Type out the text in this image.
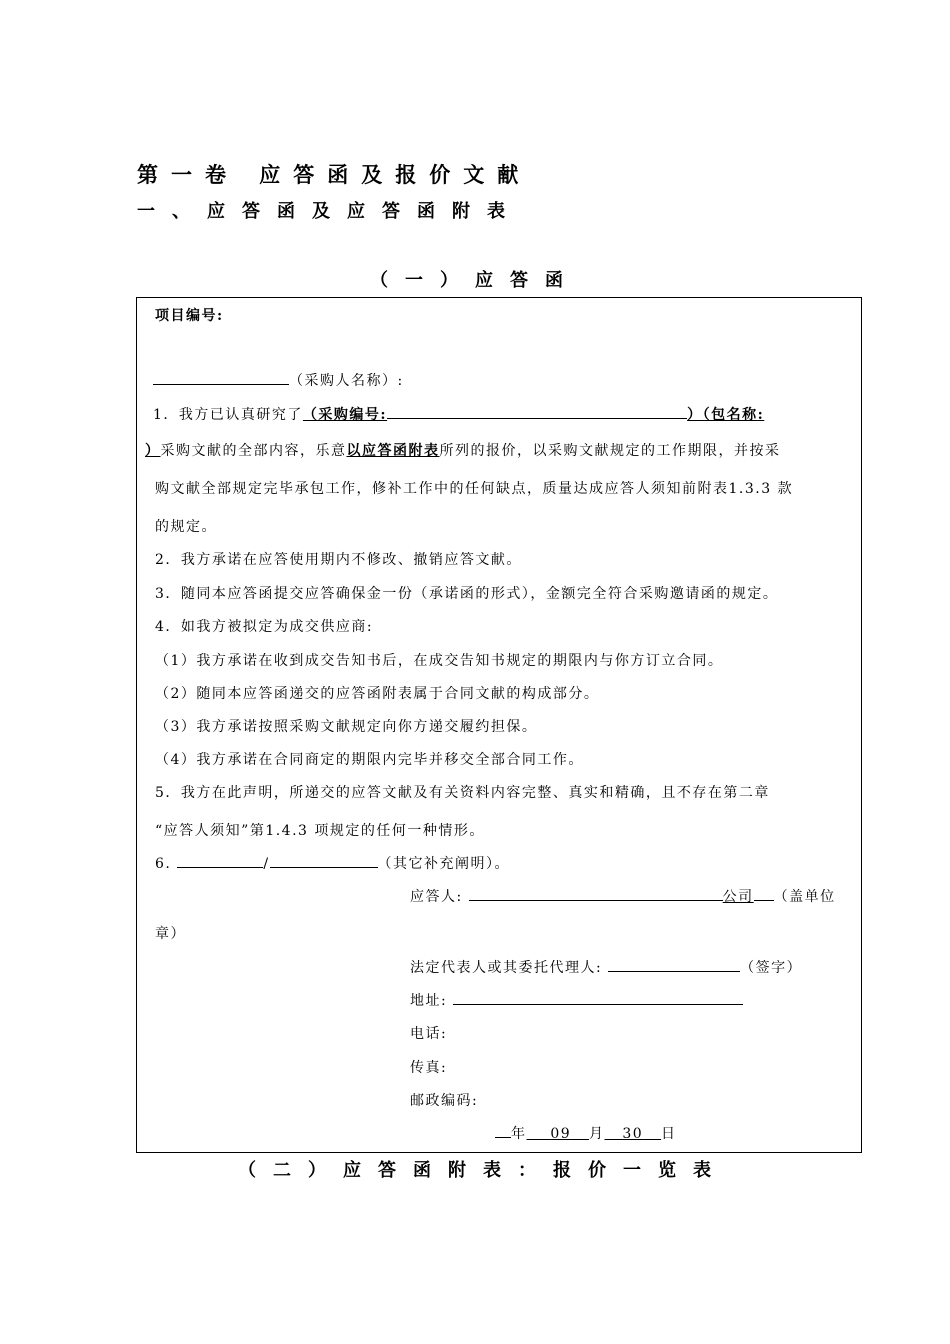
第一卷 应答函及报价文献
一、应答函及应答函附表
（一）应答函
项目编号:
（采购人名称）:
1．我方已认真研究了（采购编号:	）（包名称:
）采购文献的全部内容，乐意以应答函附表所列的报价，以采购文献规定的工作期限，并按采
购文献全部规定完毕承包工作，修补工作中的任何缺点，质量达成应答人须知前附表1.3.3 款
的规定。
2．我方承诺在应答使用期内不修改、撤销应答文献。
3．随同本应答函提交应答确保金一份（承诺函的形式），金额完全符合采购邀请函的规定。
4．如我方被拟定为成交供应商:
（1）我方承诺在收到成交告知书后，在成交告知书规定的期限内与你方订立合同。
（2）随同本应答函递交的应答函附表属于合同文献的构成部分。
（3）我方承诺按照采购文献规定向你方递交履约担保。
（4）我方承诺在合同商定的期限内完毕并移交全部合同工作。
5．我方在此声明，所递交的应答文献及有关资料内容完整、真实和精确，且不存在第二章
“应答人须知”第1.4.3 项规定的任何一种情形。
6.	/	（其它补充阐明）。
应答人:	公司 （盖单位
章）
法定代表人或其委托代理人:	（签字）
地址:
电话:
传真:
邮政编码:
年 09 月 30 日
（二）应答函附表：报价一览表
